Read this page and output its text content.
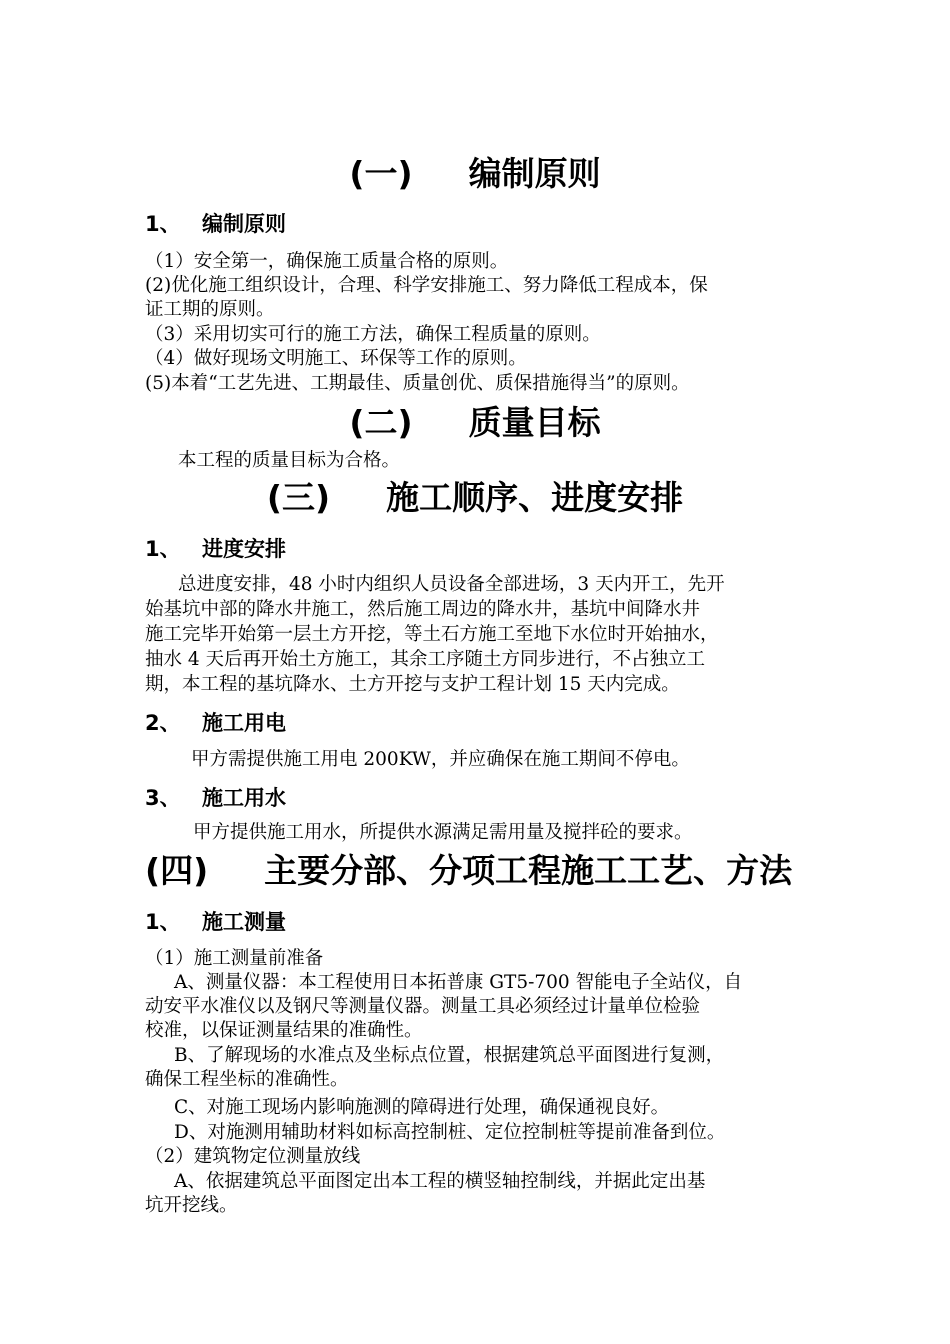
(一) 编制原则
1、 编制原则
（1）安全第一，确保施工质量合格的原则。
(2)优化施工组织设计，合理、科学安排施工、努力降低工程成本，保
证工期的原则。
（3）采用切实可行的施工方法，确保工程质量的原则。
（4）做好现场文明施工、环保等工作的原则。
(5)本着“工艺先进、工期最佳、质量创优、质保措施得当”的原则。
(二) 质量目标
本工程的质量目标为合格。
(三) 施工顺序、进度安排
1、 进度安排
总进度安排，48 小时内组织人员设备全部进场，3 天内开工，先开
始基坑中部的降水井施工，然后施工周边的降水井，基坑中间降水井
施工完毕开始第一层土方开挖，等土石方施工至地下水位时开始抽水，
抽水 4 天后再开始土方施工，其余工序随土方同步进行，不占独立工
期，本工程的基坑降水、土方开挖与支护工程计划 15 天内完成。
2、 施工用电
甲方需提供施工用电 200KW，并应确保在施工期间不停电。
3、 施工用水
甲方提供施工用水，所提供水源满足需用量及搅拌砼的要求。
(四) 主要分部、分项工程施工工艺、方法
1、 施工测量
（1）施工测量前准备
A、测量仪器：本工程使用日本拓普康 GT5-700 智能电子全站仪，自
动安平水准仪以及钢尺等测量仪器。测量工具必须经过计量单位检验
校准，以保证测量结果的准确性。
B、了解现场的水准点及坐标点位置，根据建筑总平面图进行复测，
确保工程坐标的准确性。
C、对施工现场内影响施测的障碍进行处理，确保通视良好。
D、对施测用辅助材料如标高控制桩、定位控制桩等提前准备到位。
（2）建筑物定位测量放线
A、依据建筑总平面图定出本工程的横竖轴控制线，并据此定出基
坑开挖线。
